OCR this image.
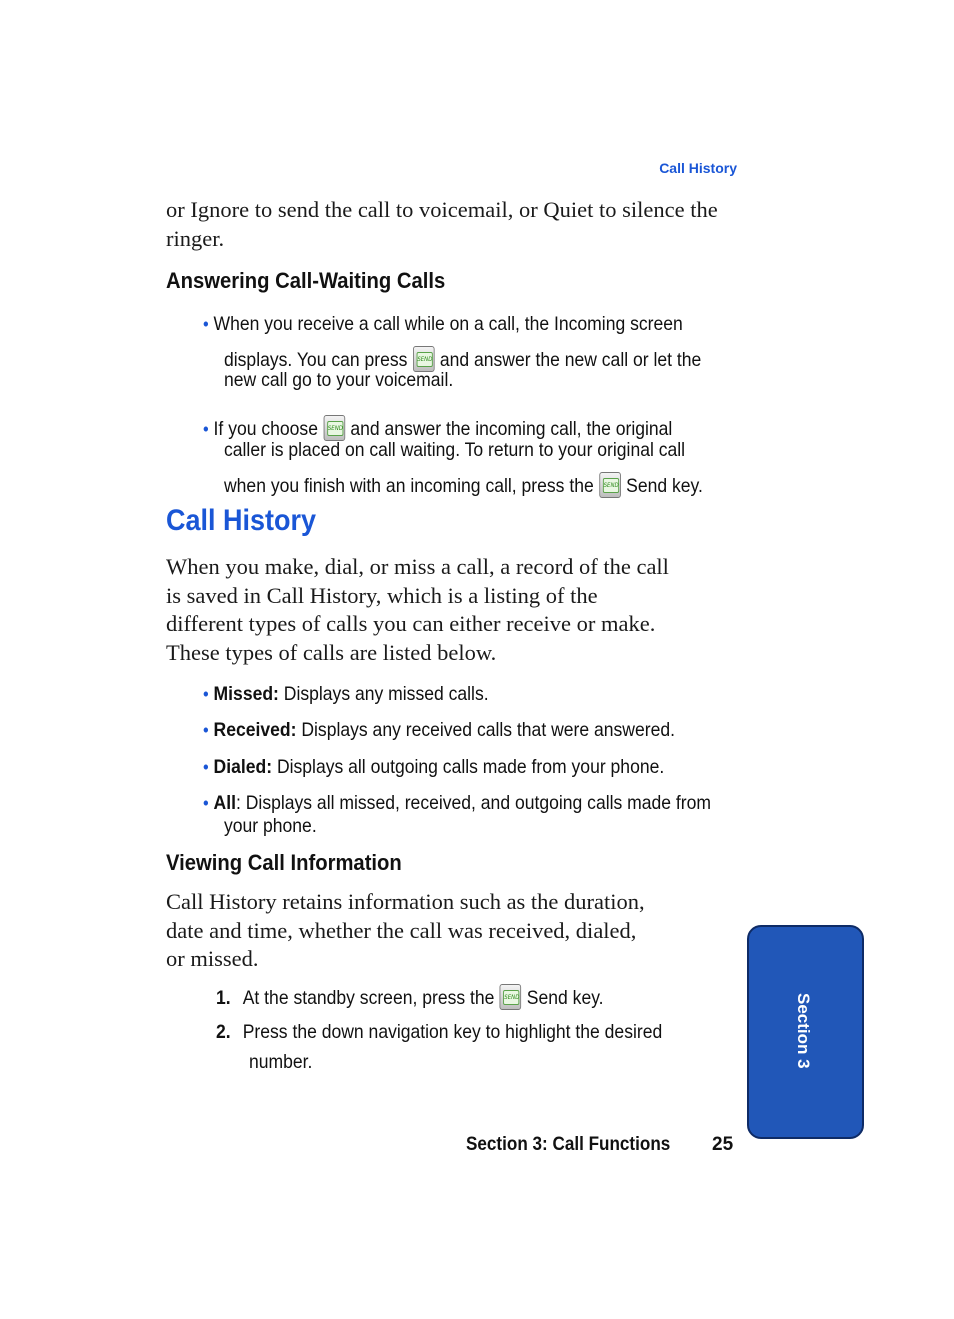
Call History
or Ignore to send the call to voicemail, or Quiet to silence the ringer.
Answering Call-Waiting Calls
• When you receive a call while on a call, the Incoming screen
displays. You can press SEND and answer the new call or let the
new call go to your voicemail.
• If you choose SEND and answer the incoming call, the original
caller is placed on call waiting. To return to your original call
when you finish with an incoming call, press the SEND Send key.
Call History
When you make, dial, or miss a call, a record of the call
is saved in Call History, which is a listing of the
different types of calls you can either receive or make.
These types of calls are listed below.
• Missed: Displays any missed calls.
• Received: Displays any received calls that were answered.
• Dialed: Displays all outgoing calls made from your phone.
• All: Displays all missed, received, and outgoing calls made from
your phone.
Viewing Call Information
Call History retains information such as the duration,
date and time, whether the call was received, dialed,
or missed.
1. At the standby screen, press the SEND Send key.
2. Press the down navigation key to highlight the desired
number.	Section 3
Section 3: Call Functions 25
